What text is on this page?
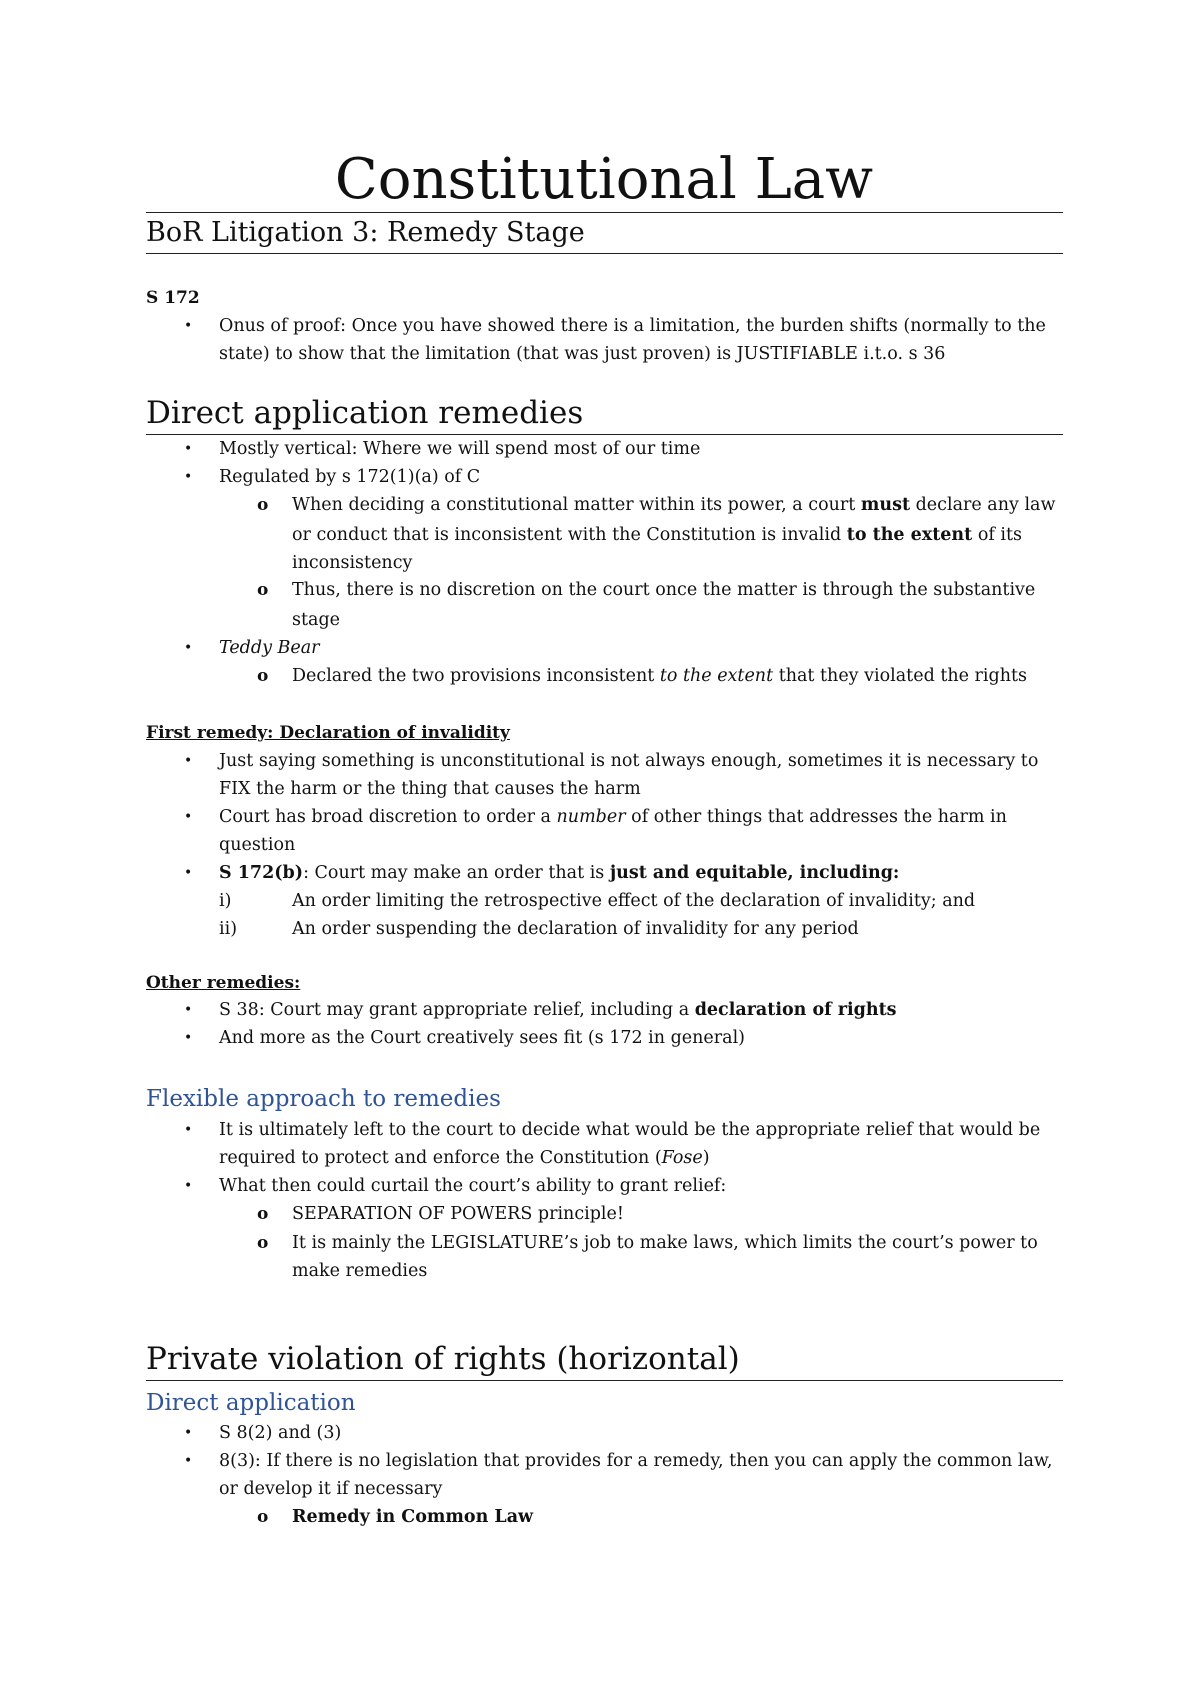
Constitutional Law
BoR Litigation 3: Remedy Stage
S 172
• Onus of proof: Once you have showed there is a limitation, the burden shifts (normally to the
state) to show that the limitation (that was just proven) is JUSTIFIABLE i.t.o. s 36
Direct application remedies
• Mostly vertical: Where we will spend most of our time
• Regulated by s 172(1)(a) of C
o When deciding a constitutional matter within its power, a court must declare any law
or conduct that is inconsistent with the Constitution is invalid to the extent of its
inconsistency
o Thus, there is no discretion on the court once the matter is through the substantive
stage
• Teddy Bear
o Declared the two provisions inconsistent to the extent that they violated the rights
First remedy: Declaration of invalidity
• Just saying something is unconstitutional is not always enough, sometimes it is necessary to
FIX the harm or the thing that causes the harm
• Court has broad discretion to order a number of other things that addresses the harm in
question
• S 172(b): Court may make an order that is just and equitable, including:
i)	An order limiting the retrospective effect of the declaration of invalidity; and
ii)	An order suspending the declaration of invalidity for any period
Other remedies:
• S 38: Court may grant appropriate relief, including a declaration of rights
• And more as the Court creatively sees fit (s 172 in general)
Flexible approach to remedies
• It is ultimately left to the court to decide what would be the appropriate relief that would be
required to protect and enforce the Constitution (Fose)
• What then could curtail the court’s ability to grant relief:
o SEPARATION OF POWERS principle!
o It is mainly the LEGISLATURE’s job to make laws, which limits the court’s power to
make remedies
Private violation of rights (horizontal)
Direct application
• S 8(2) and (3)
• 8(3): If there is no legislation that provides for a remedy, then you can apply the common law,
or develop it if necessary
o Remedy in Common Law
